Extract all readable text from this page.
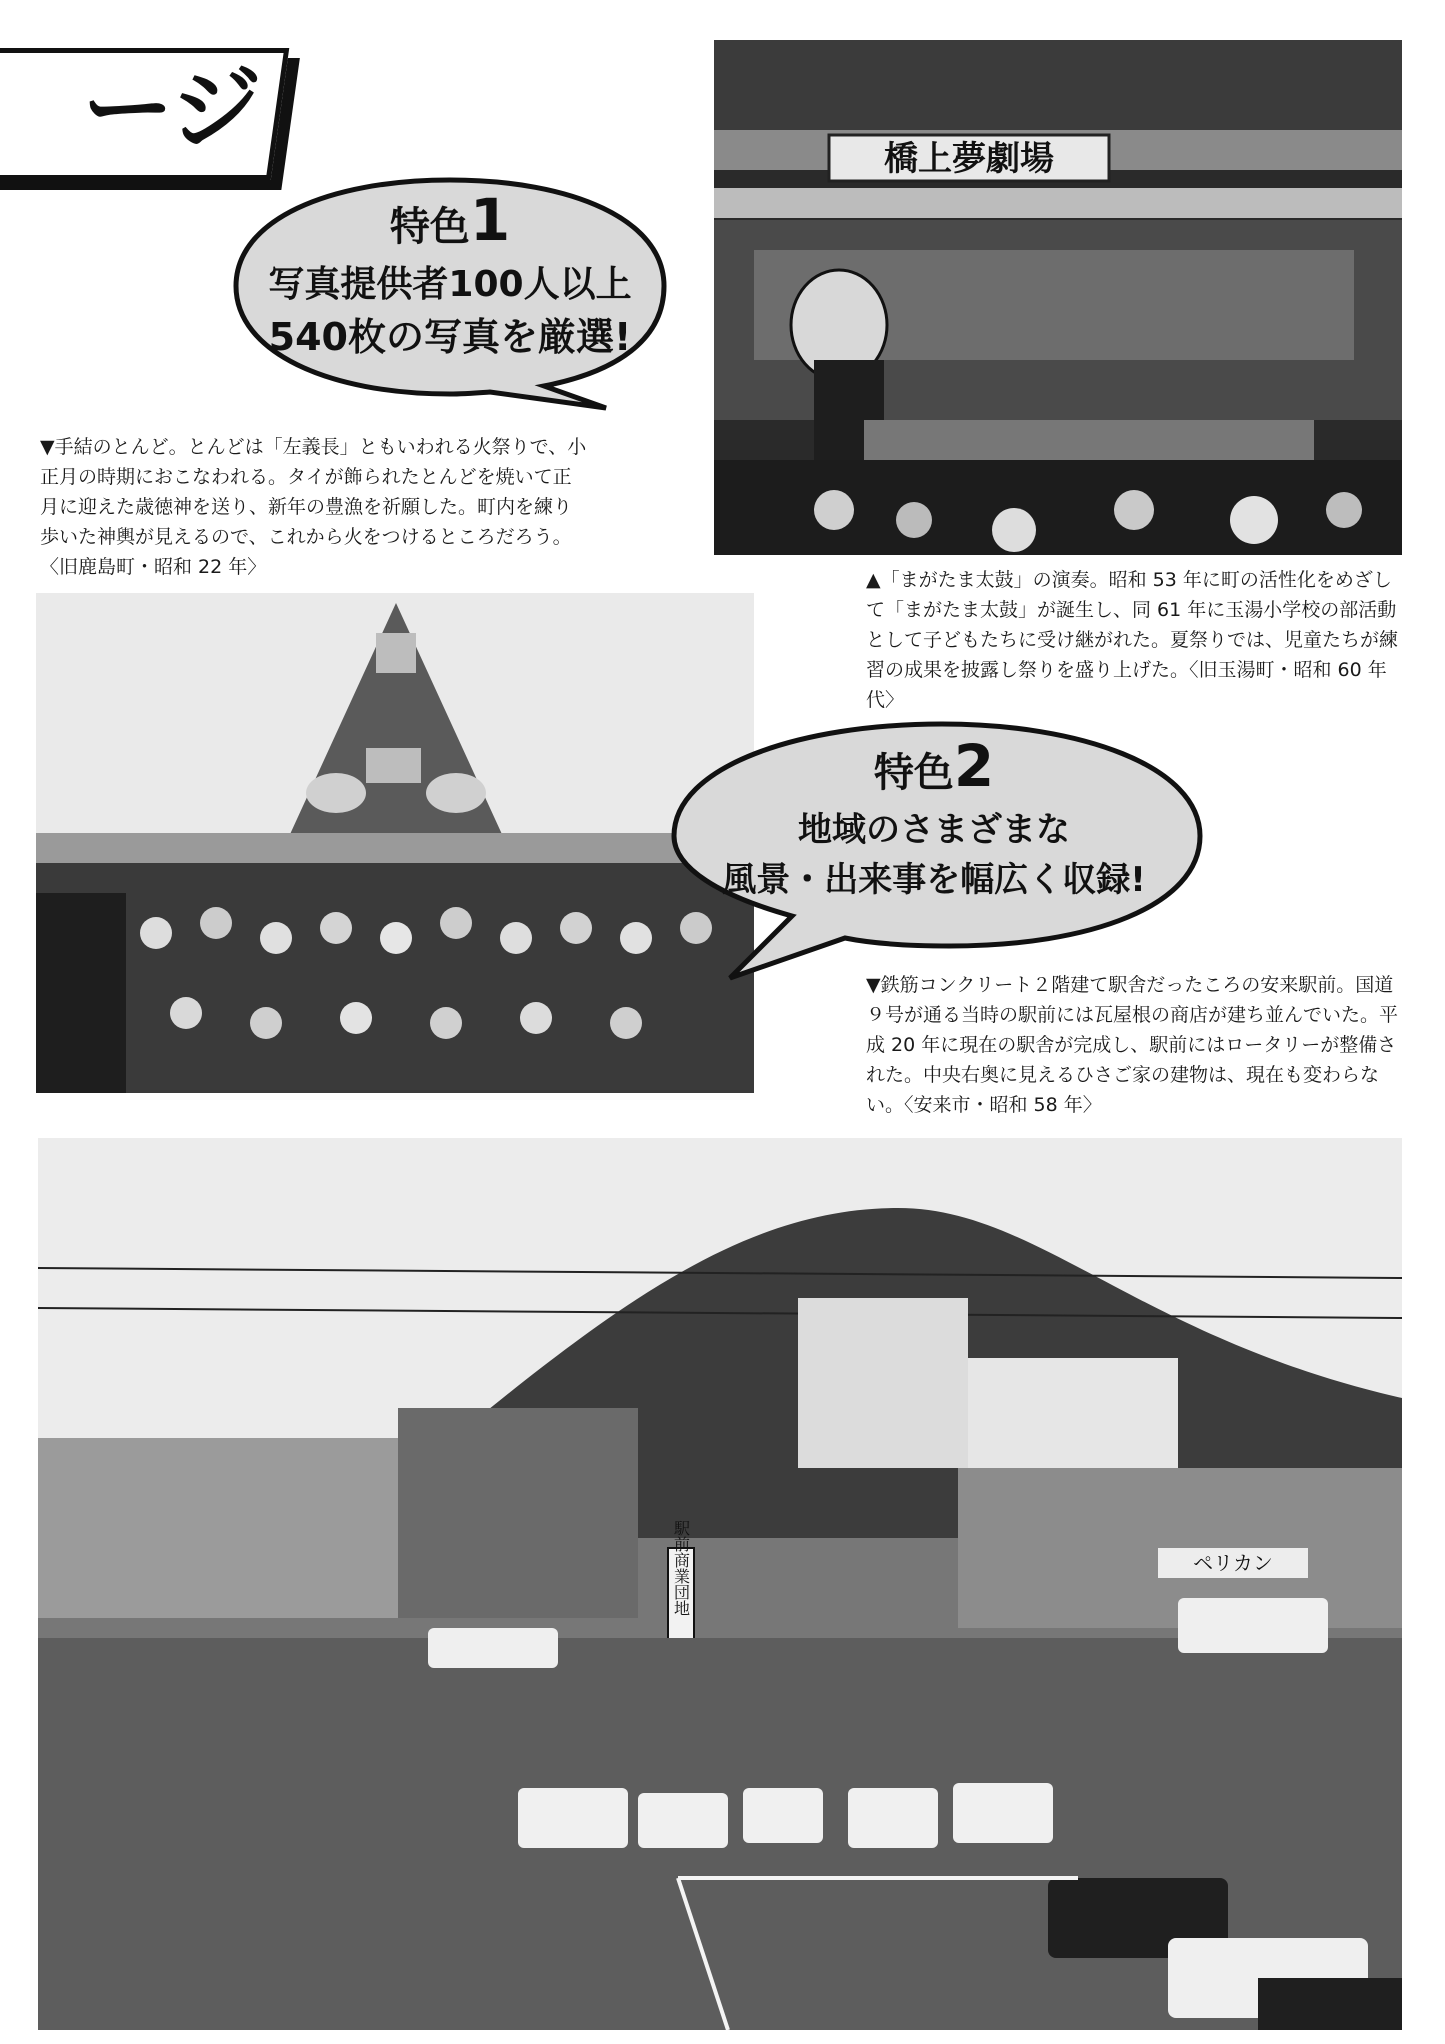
ージ	橋上夢劇場
特色1
写真提供者100人以上
540枚の写真を厳選!
▼手結のとんど。とんどは「左義長」ともいわれる火祭りで、小正月の時期におこなわれる。タイが飾られたとんどを焼いて正月に迎えた歳徳神を送り、新年の豊漁を祈願した。町内を練り歩いた神輿が見えるので、これから火をつけるところだろう。〈旧鹿島町・昭和 22 年〉
▲「まがたま太鼓」の演奏。昭和 53 年に町の活性化をめざして「まがたま太鼓」が誕生し、同 61 年に玉湯小学校の部活動として子どもたちに受け継がれた。夏祭りでは、児童たちが練習の成果を披露し祭りを盛り上げた。〈旧玉湯町・昭和 60 年代〉
特色2
地域のさまざまな
風景・出来事を幅広く収録!
▼鉄筋コンクリート２階建て駅舎だったころの安来駅前。国道９号が通る当時の駅前には瓦屋根の商店が建ち並んでいた。平成 20 年に現在の駅舎が完成し、駅前にはロータリーが整備された。中央右奥に見えるひさご家の建物は、現在も変わらない。〈安来市・昭和 58 年〉
ペリカン
駅前商業団地
